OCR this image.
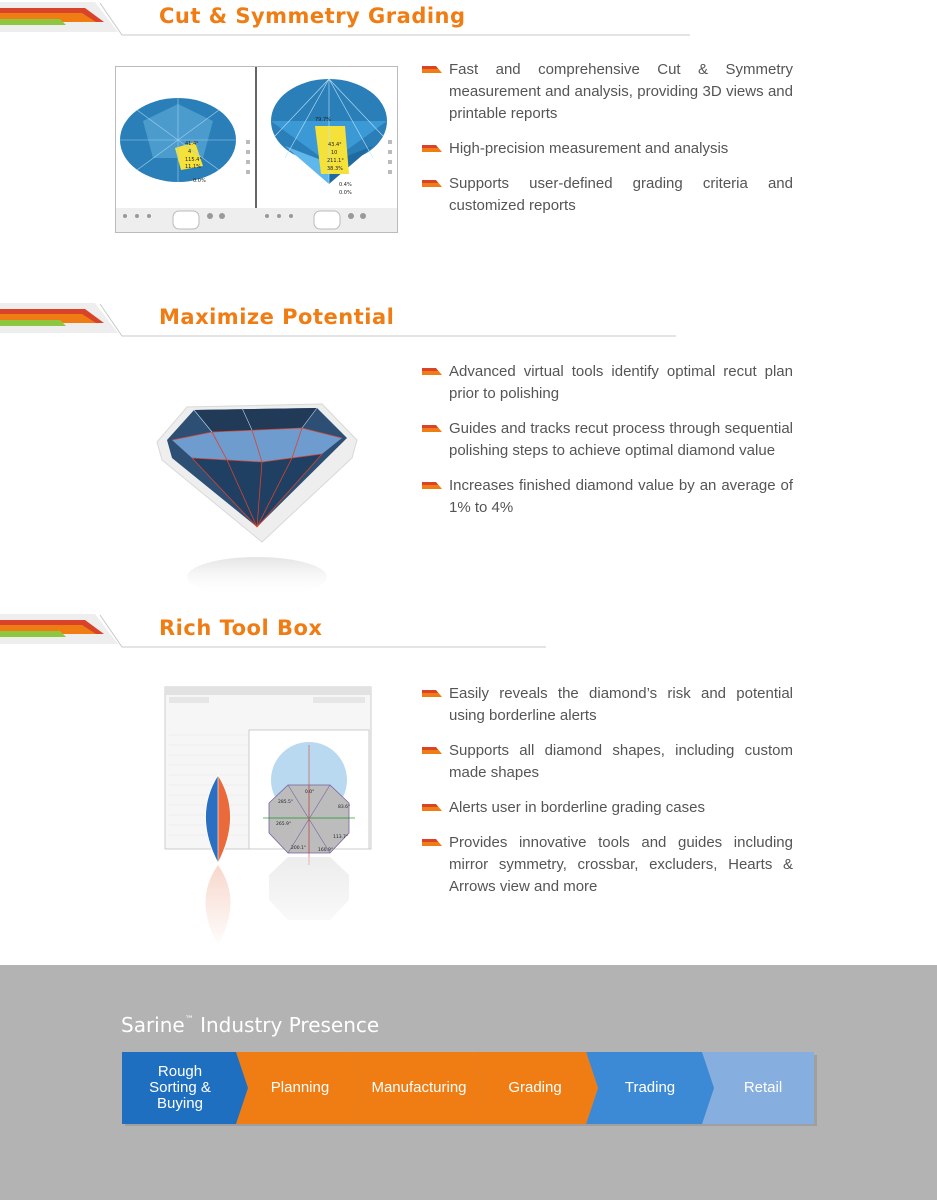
Cut & Symmetry Grading
41.4°
4
115.4°
11.1%
0.0%
79.7%
43.4°
10
211.1°
38.3%
0.4%
0.0%
Fast and comprehensive Cut & Symmetry measurement and analysis, providing 3D views and printable reports
High-precision measurement and analysis
Supports user-defined grading criteria and customized reports
Maximize Potential
Advanced virtual tools identify optimal recut plan prior to polishing
Guides and tracks recut process through sequential polishing steps to achieve optimal diamond value
Increases finished diamond value by an average of 1% to 4%
Rich Tool Box
0.0°
285.5°
83.6°
265.9°
113.7°
200.1°	160.9°
Easily reveals the diamond’s risk and potential using borderline alerts
Supports all diamond shapes, including custom made shapes
Alerts user in borderline grading cases
Provides innovative tools and guides including mirror symmetry, crossbar, excluders, Hearts & Arrows view and more
Sarine™ Industry Presence
Rough
Sorting &
Buying
Planning	Manufacturing	Grading	Trading	Retail
